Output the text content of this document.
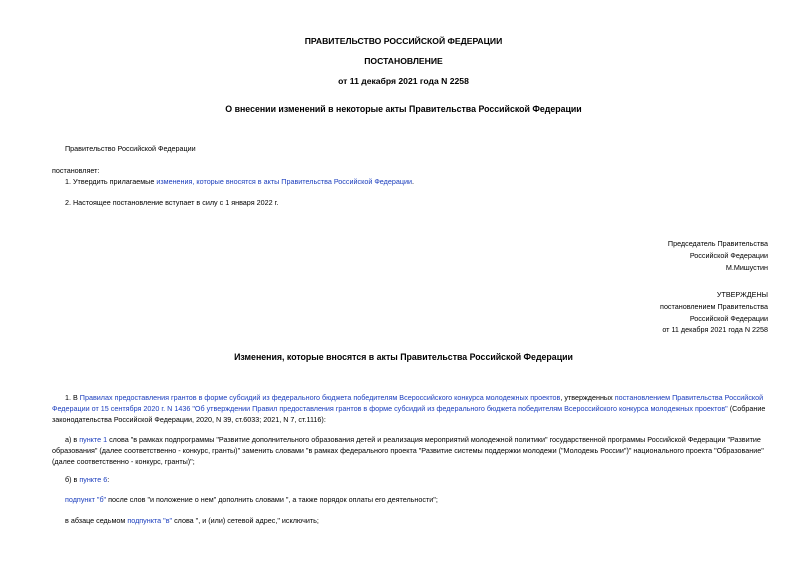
ПРАВИТЕЛЬСТВО РОССИЙСКОЙ ФЕДЕРАЦИИ
ПОСТАНОВЛЕНИЕ
от 11 декабря 2021 года N 2258
О внесении изменений в некоторые акты Правительства Российской Федерации
Правительство Российской Федерации
постановляет:
1. Утвердить прилагаемые изменения, которые вносятся в акты Правительства Российской Федерации.
2. Настоящее постановление вступает в силу с 1 января 2022 г.
Председатель Правительства
Российской Федерации
М.Мишустин
УТВЕРЖДЕНЫ
постановлением Правительства
Российской Федерации
от 11 декабря 2021 года N 2258
Изменения, которые вносятся в акты Правительства Российской Федерации
1. В Правилах предоставления грантов в форме субсидий из федерального бюджета победителям Всероссийского конкурса молодежных проектов, утвержденных постановлением Правительства Российской Федерации от 15 сентября 2020 г. N 1436 "Об утверждении Правил предоставления грантов в форме субсидий из федерального бюджета победителям Всероссийского конкурса молодежных проектов" (Собрание законодательства Российской Федерации, 2020, N 39, ст.6033; 2021, N 7, ст.1116):
а) в пункте 1 слова "в рамках подпрограммы "Развитие дополнительного образования детей и реализация мероприятий молодежной политики" государственной программы Российской Федерации "Развитие образования" (далее соответственно - конкурс, гранты)" заменить словами "в рамках федерального проекта "Развитие системы поддержки молодежи ("Молодежь России")" национального проекта "Образование" (далее соответственно - конкурс, гранты)";
б) в пункте 6:
подпункт "б" после слов "и положение о нем" дополнить словами ", а также порядок оплаты его деятельности";
в абзаце седьмом подпункта "в" слова ", и (или) сетевой адрес," исключить;
